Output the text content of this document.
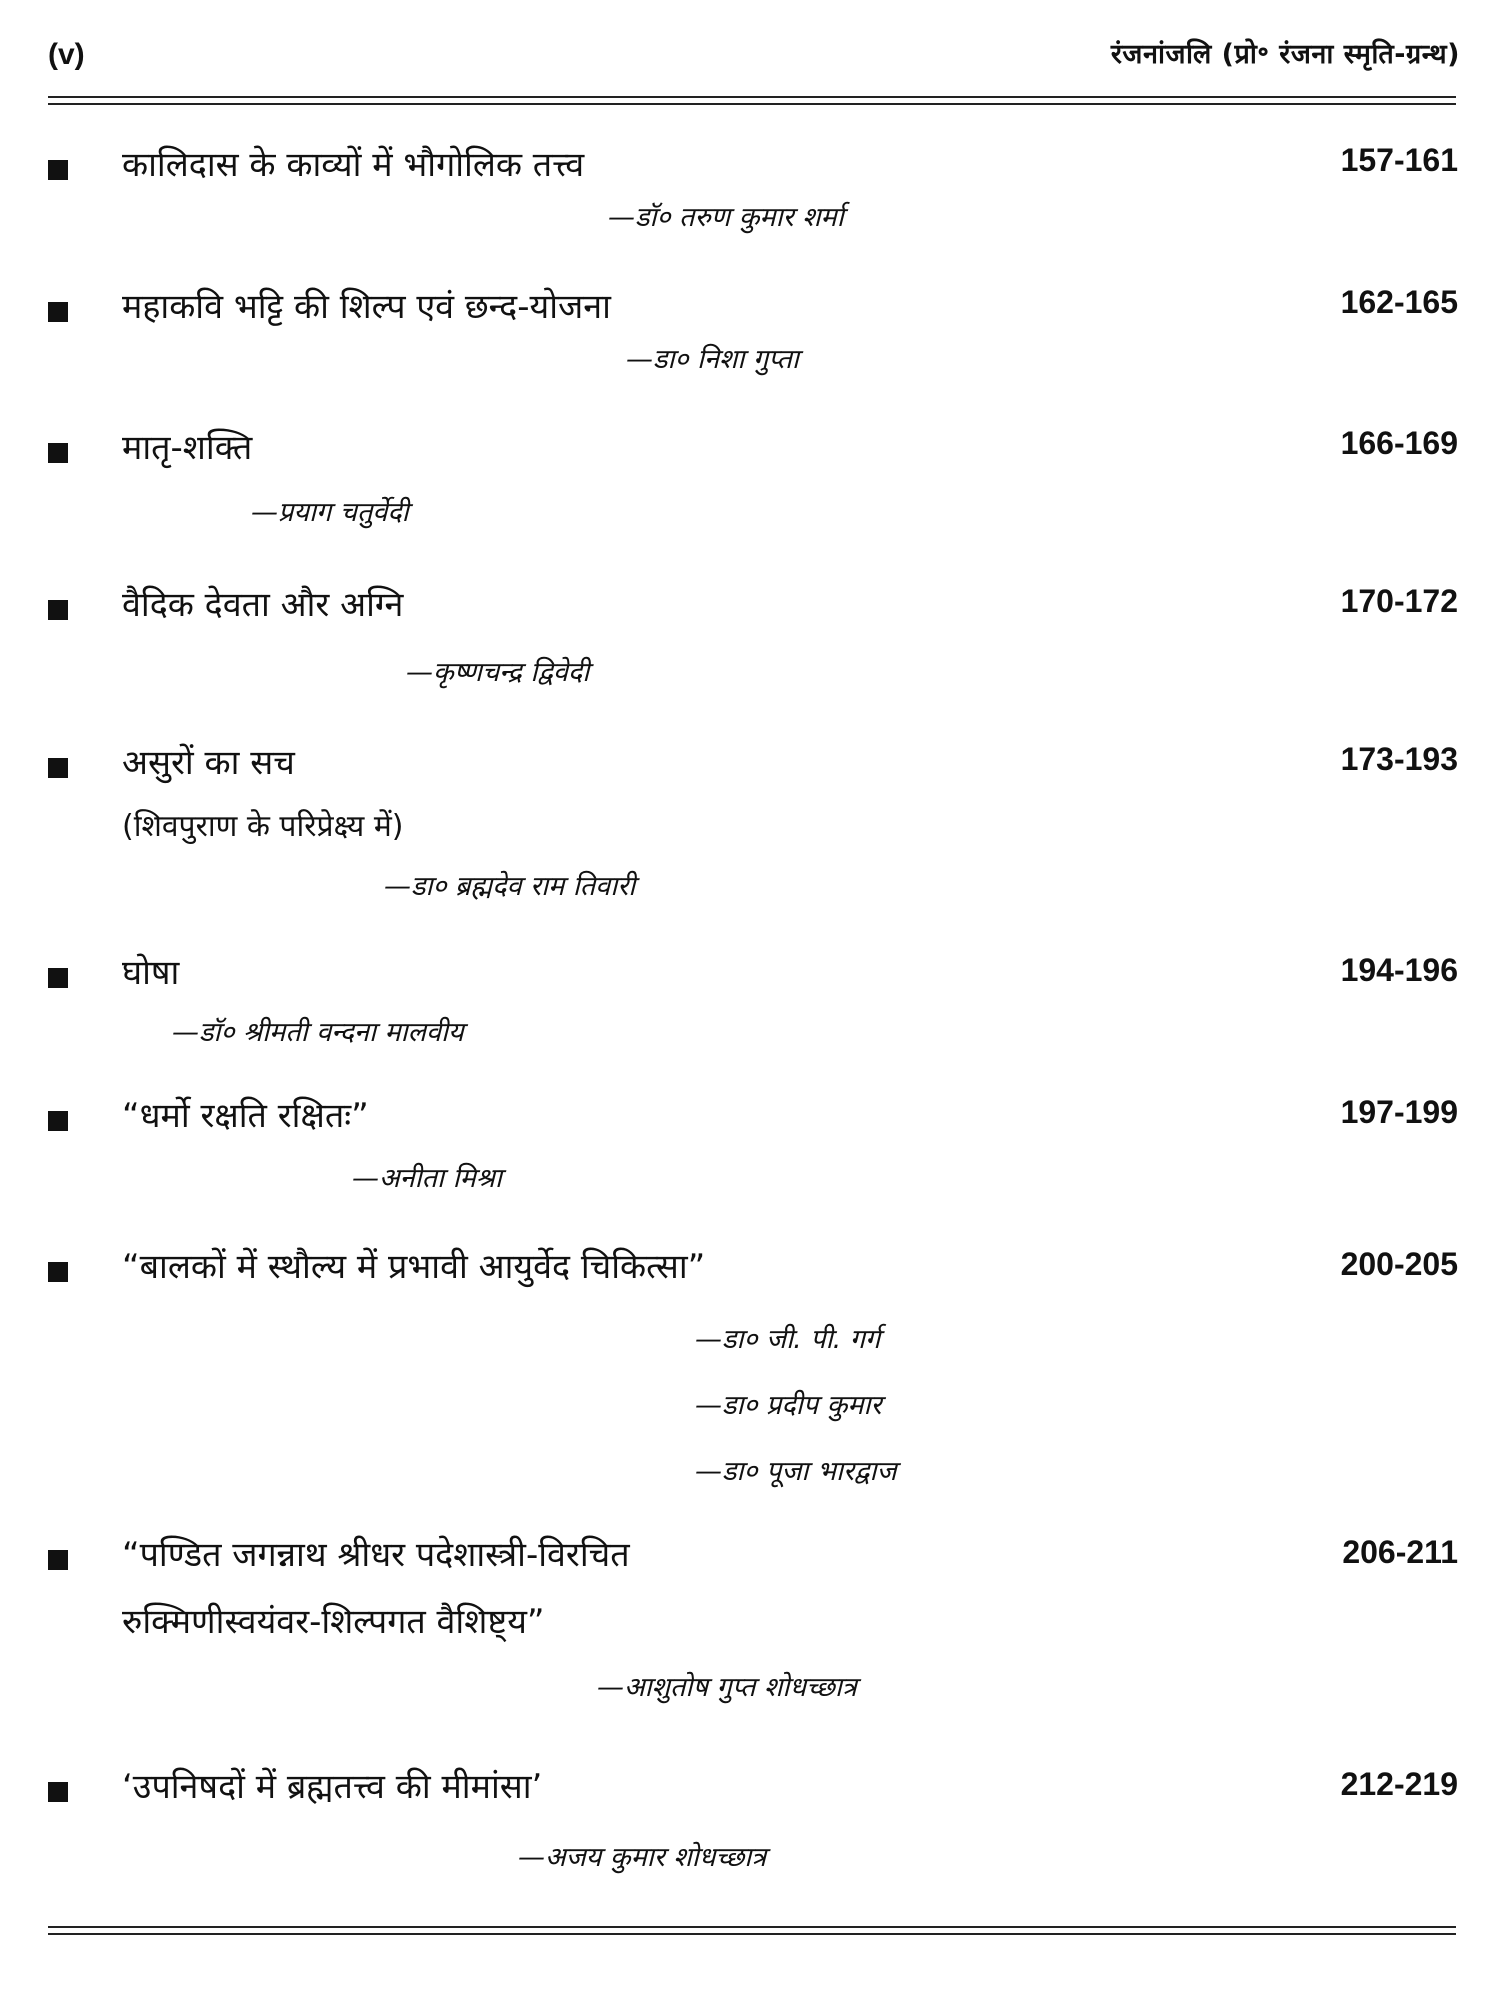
(v)	रंजनांजलि (प्रो॰ रंजना स्मृति-ग्रन्थ)
कालिदास के काव्यों में भौगोलिक तत्त्व	157-161
—डॉ० तरुण कुमार शर्मा
महाकवि भट्टि की शिल्प एवं छन्द-योजना	162-165
—डा० निशा गुप्ता
मातृ-शक्ति	166-169
—प्रयाग चतुर्वेदी
वैदिक देवता और अग्नि	170-172
—कृष्णचन्द्र द्विवेदी
असुरों का सच
(शिवपुराण के परिप्रेक्ष्य में)
173-193
—डा० ब्रह्मदेव राम तिवारी
घोषा	194-196
—डॉ० श्रीमती वन्दना मालवीय
“धर्मो रक्षति रक्षितः”	197-199
—अनीता मिश्रा
“बालकों में स्थौल्य में प्रभावी आयुर्वेद चिकित्सा”	200-205
—डा० जी. पी. गर्ग
—डा० प्रदीप कुमार
—डा० पूजा भारद्वाज
“पण्डित जगन्नाथ श्रीधर पदेशास्त्री-विरचित
रुक्मिणीस्वयंवर-शिल्पगत वैशिष्ट्य”
206-211
—आशुतोष गुप्त शोधच्छात्र
‘उपनिषदों में ब्रह्मतत्त्व की मीमांसा’	212-219
—अजय कुमार शोधच्छात्र
